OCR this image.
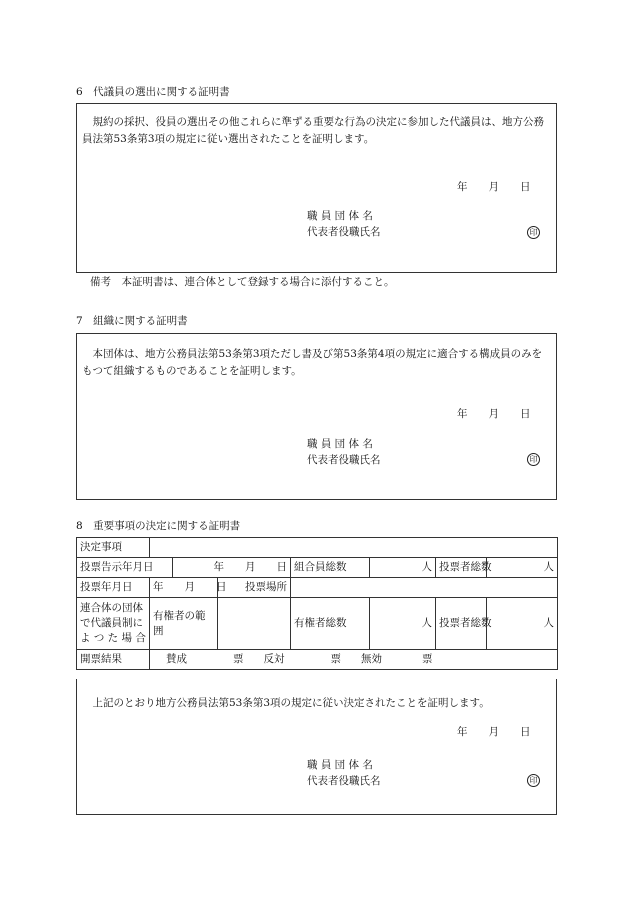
6　代議員の選出に関する証明書
　規約の採択、役員の選出その他これらに準ずる重要な行為の決定に参加した代議員は、地方公務員法第53条第3項の規定に従い選出されたことを証明します。
年　　月　　日
職 員 団 体 名
代表者役職氏名	印
備考　本証明書は、連合体として登録する場合に添付すること。
7　組織に関する証明書
　本団体は、地方公務員法第53条第3項ただし書及び第53条第4項の規定に適合する構成員のみをもつて組織するものであることを証明します。
年　　月　　日
職 員 団 体 名
代表者役職氏名	印
8　重要事項の決定に関する証明書
決定事項							
投票告示年月日		年　　月　　日		組合員総数	人	投票者総数	人
投票年月日	年　　月　　日		投票場所				
連合体の団体で代議員制によ つ た 場 合	有権者の範囲			有権者総数	人	投票者総数	人
開票結果	賛成 票 反対 票 無効 票						
　上記のとおり地方公務員法第53条第3項の規定に従い決定されたことを証明します。
年　　月　　日
職 員 団 体 名
代表者役職氏名	印
